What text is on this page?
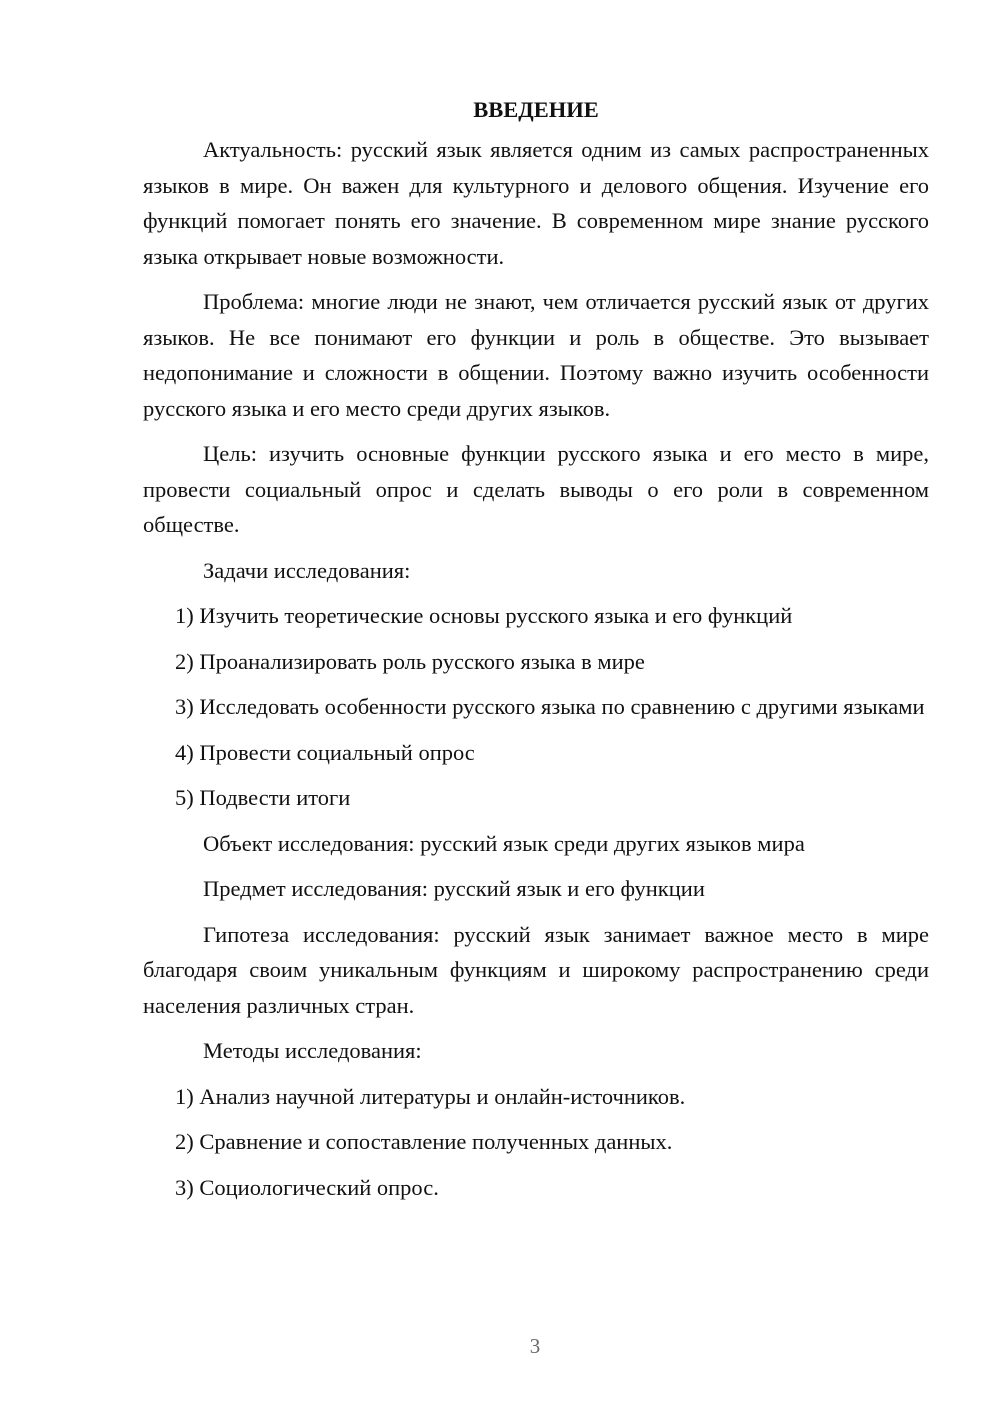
ВВЕДЕНИЕ

Актуальность: русский язык является одним из самых распространенных языков в мире. Он важен для культурного и делового общения. Изучение его функций помогает понять его значение. В современном мире знание русского языка открывает новые возможности.

Проблема: многие люди не знают, чем отличается русский язык от других языков. Не все понимают его функции и роль в обществе. Это вызывает недопонимание и сложности в общении. Поэтому важно изучить особенности русского языка и его место среди других языков.

Цель: изучить основные функции русского языка и его место в мире, провести социальный опрос и сделать выводы о его роли в современном обществе.

Задачи исследования:

1) Изучить теоретические основы русского языка и его функций

2) Проанализировать роль русского языка в мире

3) Исследовать особенности русского языка по сравнению с другими языками

4) Провести социальный опрос

5) Подвести итоги

Объект исследования: русский язык среди других языков мира

Предмет исследования: русский язык и его функции

Гипотеза исследования: русский язык занимает важное место в мире благодаря своим уникальным функциям и широкому распространению среди населения различных стран.

Методы исследования:

1) Анализ научной литературы и онлайн-источников.

2) Сравнение и сопоставление полученных данных.

3) Социологический опрос.

3
